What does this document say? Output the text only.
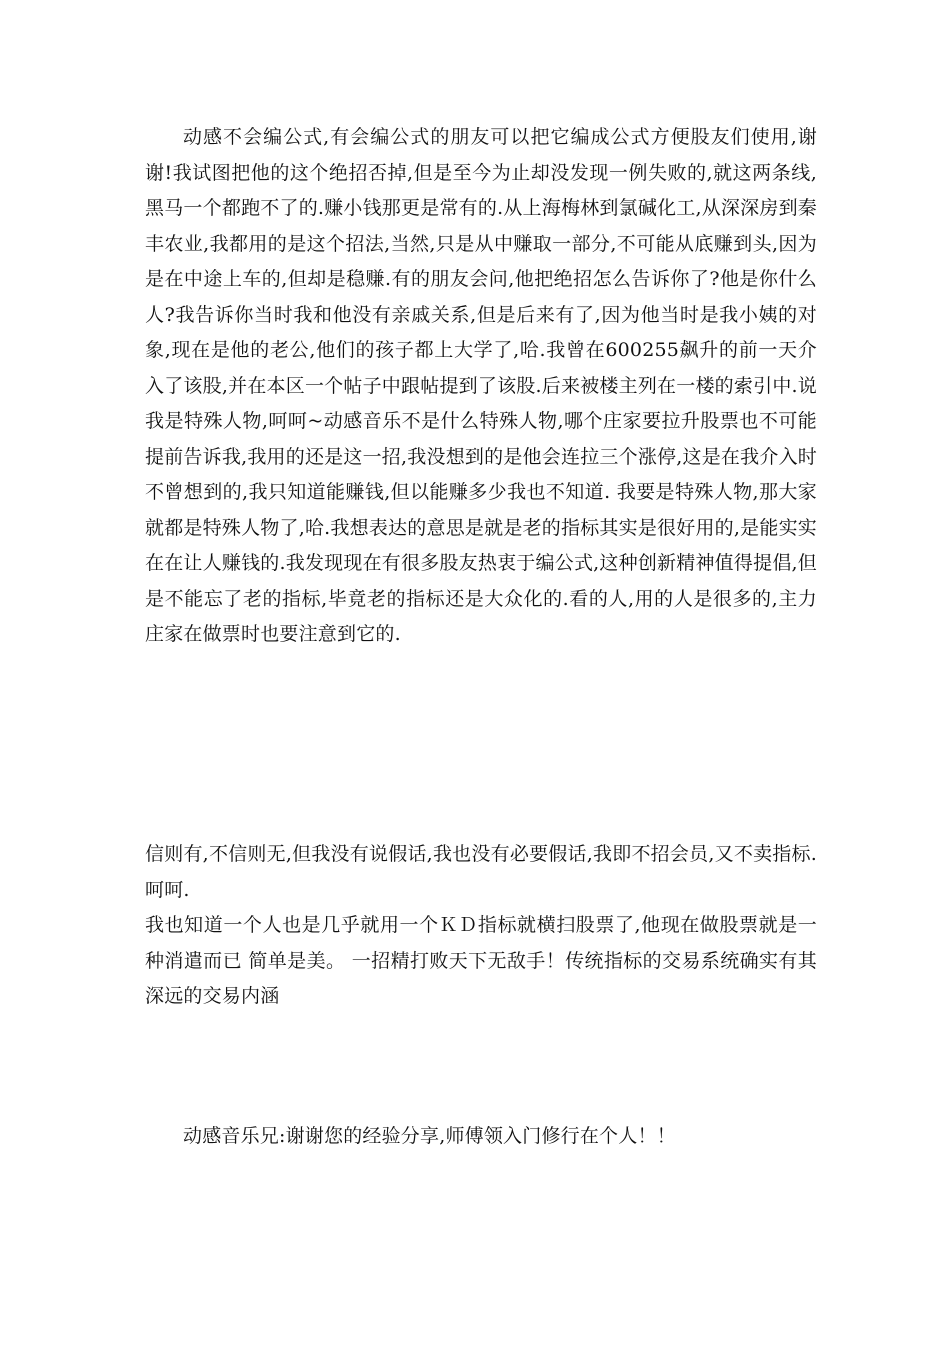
动感不会编公式,有会编公式的朋友可以把它编成公式方便股友们使用,谢谢!我试图把他的这个绝招否掉,但是至今为止却没发现一例失败的,就这两条线,黑马一个都跑不了的.赚小钱那更是常有的.从上海梅林到氯碱化工,从深深房到秦丰农业,我都用的是这个招法,当然,只是从中赚取一部分,不可能从底赚到头,因为是在中途上车的,但却是稳赚.有的朋友会问,他把绝招怎么告诉你了?他是你什么人?我告诉你当时我和他没有亲戚关系,但是后来有了,因为他当时是我小姨的对象,现在是他的老公,他们的孩子都上大学了,哈.我曾在600255飙升的前一天介入了该股,并在本区一个帖子中跟帖提到了该股.后来被楼主列在一楼的索引中.说我是特殊人物,呵呵~动感音乐不是什么特殊人物,哪个庄家要拉升股票也不可能提前告诉我,我用的还是这一招,我没想到的是他会连拉三个涨停,这是在我介入时不曾想到的,我只知道能赚钱,但以能赚多少我也不知道. 我要是特殊人物,那大家就都是特殊人物了,哈.我想表达的意思是就是老的指标其实是很好用的,是能实实在在让人赚钱的.我发现现在有很多股友热衷于编公式,这种创新精神值得提倡,但是不能忘了老的指标,毕竟老的指标还是大众化的.看的人,用的人是很多的,主力庄家在做票时也要注意到它的.

信则有,不信则无,但我没有说假话,我也没有必要假话,我即不招会员,又不卖指标.呵呵.

我也知道一个人也是几乎就用一个ＫＤ指标就横扫股票了,他现在做股票就是一种消遣而已 简单是美。 一招精打败天下无敌手！传统指标的交易系统确实有其深远的交易内涵

动感音乐兄:谢谢您的经验分享,师傅领入门修行在个人！！
